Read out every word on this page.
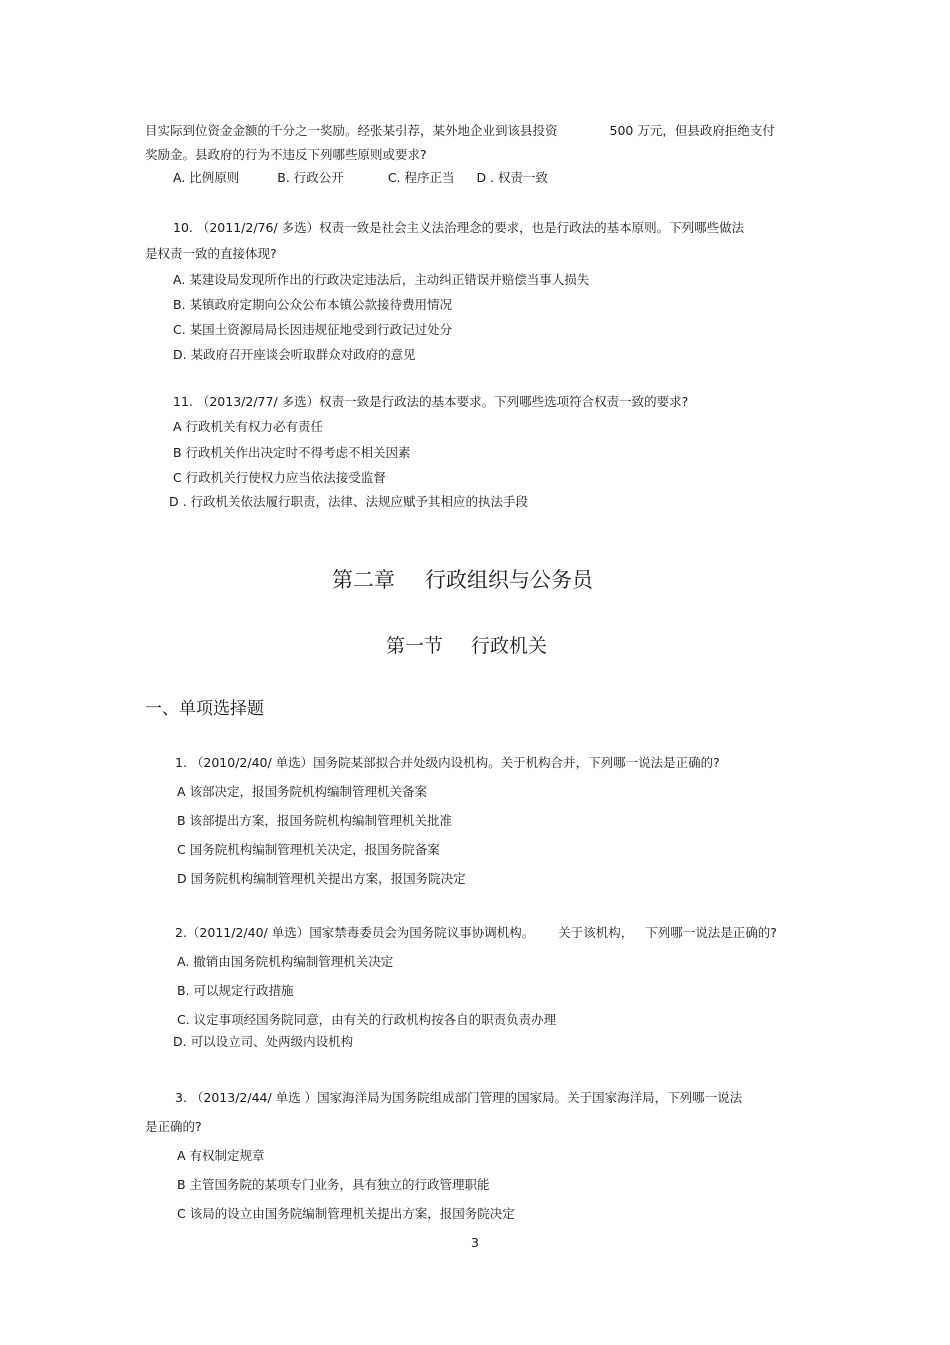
目实际到位资金金额的千分之一奖励。经张某引荐，某外地企业到该县投资	500 万元，但县政府拒绝支付
奖励金。县政府的行为不违反下列哪些原则或要求?
A. 比例原则	B. 行政公开	C. 程序正当 D . 权责一致
10. （2011/2/76/ 多选）权责一致是社会主义法治理念的要求，也是行政法的基本原则。下列哪些做法
是权责一致的直接体现?
A. 某建设局发现所作出的行政决定违法后，主动纠正错误并赔偿当事人损失
B. 某镇政府定期向公众公布本镇公款接待费用情况
C. 某国土资源局局长因违规征地受到行政记过处分
D. 某政府召开座谈会听取群众对政府的意见
11. （2013/2/77/ 多选）权责一致是行政法的基本要求。下列哪些选项符合权责一致的要求?
A 行政机关有权力必有责任
B 行政机关作出决定时不得考虑不相关因素
C 行政机关行使权力应当依法接受监督
D . 行政机关依法履行职责，法律、法规应赋予其相应的执法手段
第二章 行政组织与公务员
第一节 行政机关
一、单项选择题
1. （2010/2/40/ 单选）国务院某部拟合并处级内设机构。关于机构合并，下列哪一说法是正确的?
A 该部决定，报国务院机构编制管理机关备案
B 该部提出方案，报国务院机构编制管理机关批准
C 国务院机构编制管理机关决定，报国务院备案
D 国务院机构编制管理机关提出方案，报国务院决定
2.（2011/2/40/ 单选）国家禁毒委员会为国务院议事协调机构。 关于该机构， 下列哪一说法是正确的?
A. 撤销由国务院机构编制管理机关决定
B. 可以规定行政措施
C. 议定事项经国务院同意，由有关的行政机构按各自的职责负责办理
D. 可以设立司、处两级内设机构
3. （2013/2/44/ 单选 ）国家海洋局为国务院组成部门管理的国家局。关于国家海洋局，下列哪一说法
是正确的?
A 有权制定规章
B 主管国务院的某项专门业务，具有独立的行政管理职能
C 该局的设立由国务院编制管理机关提出方案，报国务院决定
3
